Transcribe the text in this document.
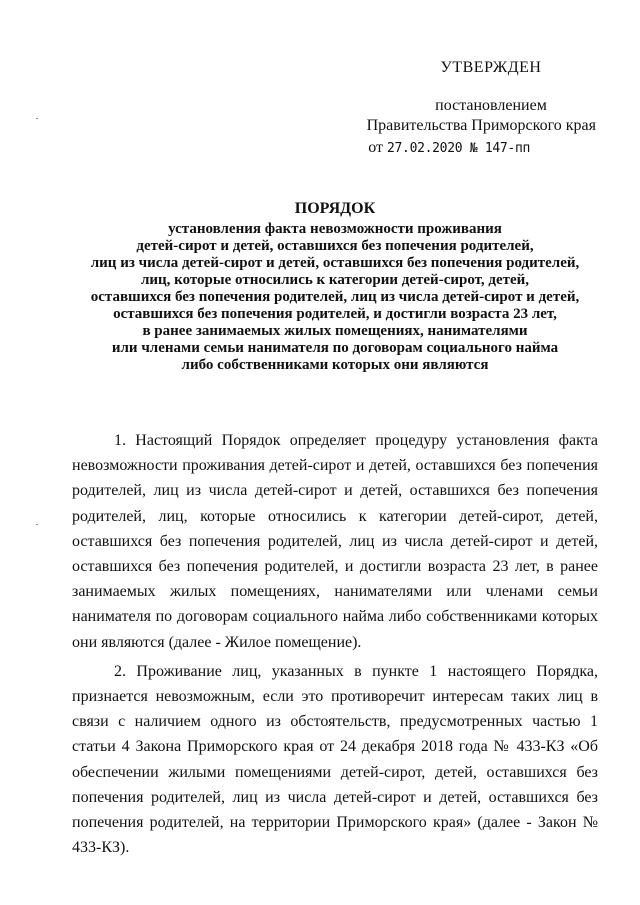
УТВЕРЖДЕН
постановлением
Правительства Приморского края
от 27.02.2020 № 147-пп
ПОРЯДОК
установления факта невозможности проживания
детей-сирот и детей, оставшихся без попечения родителей,
лиц из числа детей-сирот и детей, оставшихся без попечения родителей,
лиц, которые относились к категории детей-сирот, детей,
оставшихся без попечения родителей, лиц из числа детей-сирот и детей,
оставшихся без попечения родителей, и достигли возраста 23 лет,
в ранее занимаемых жилых помещениях, нанимателями
или членами семьи нанимателя по договорам социального найма
либо собственниками которых они являются

1. Настоящий Порядок определяет процедуру установления факта невозможности проживания детей-сирот и детей, оставшихся без попечения родителей, лиц из числа детей-сирот и детей, оставшихся без попечения родителей, лиц, которые относились к категории детей-сирот, детей, оставшихся без попечения родителей, лиц из числа детей-сирот и детей, оставшихся без попечения родителей, и достигли возраста 23 лет, в ранее занимаемых жилых помещениях, нанимателями или членами семьи нанимателя по договорам социального найма либо собственниками которых они являются (далее - Жилое помещение).

2. Проживание лиц, указанных в пункте 1 настоящего Порядка, признается невозможным, если это противоречит интересам таких лиц в связи с наличием одного из обстоятельств, предусмотренных частью 1 статьи 4 Закона Приморского края от 24 декабря 2018 года № 433-КЗ «Об обеспечении жилыми помещениями детей-сирот, детей, оставшихся без попечения родителей, лиц из числа детей-сирот и детей, оставшихся без попечения родителей, на территории Приморского края» (далее - Закон № 433-КЗ).
